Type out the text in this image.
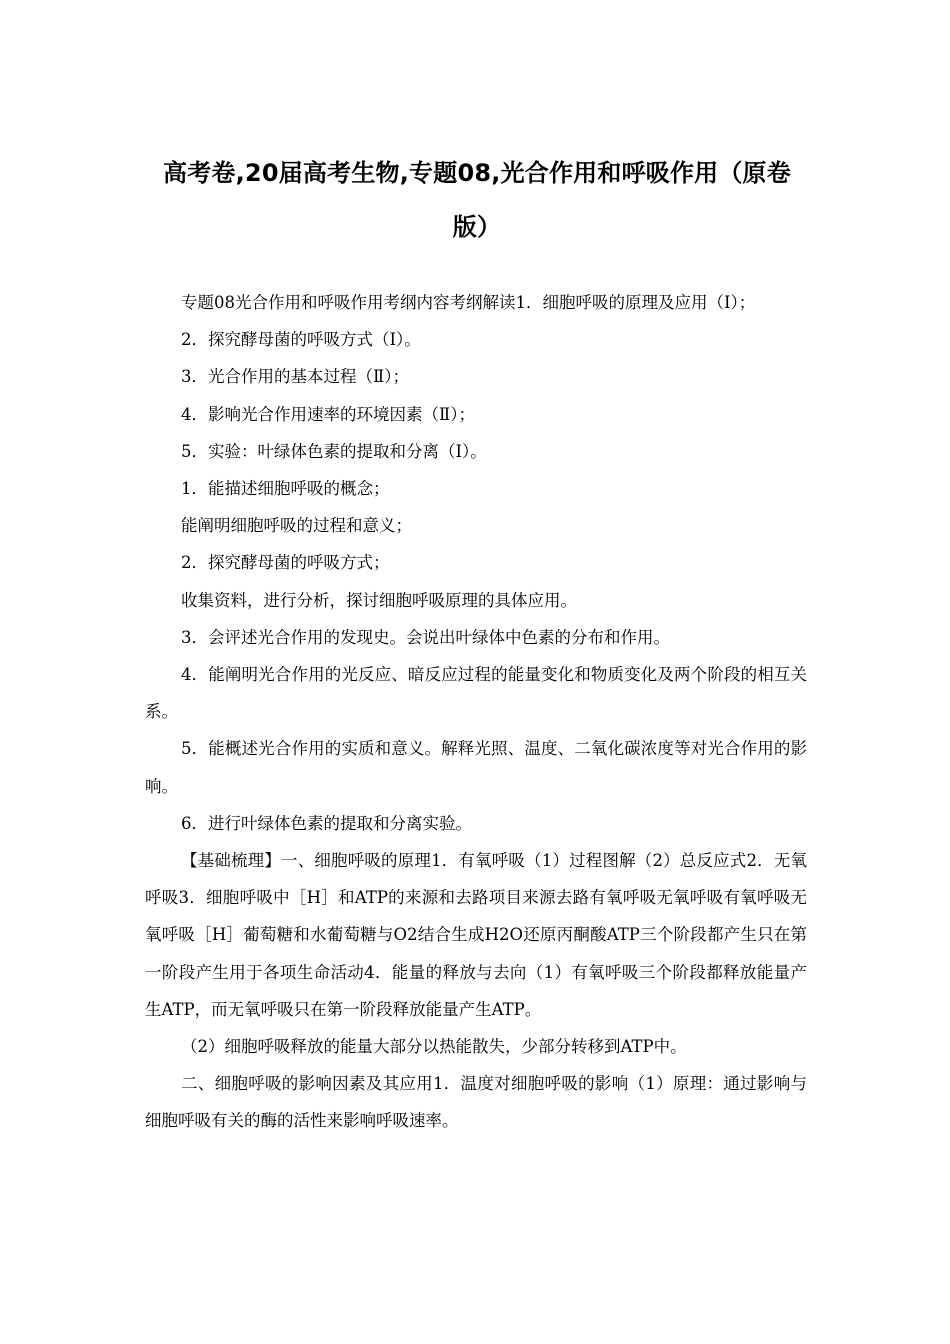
高考卷,20届高考生物,专题08,光合作用和呼吸作用（原卷版）

专题08光合作用和呼吸作用考纲内容考纲解读1．细胞呼吸的原理及应用（Ⅰ）；

2．探究酵母菌的呼吸方式（Ⅰ）。

3．光合作用的基本过程（Ⅱ）；

4．影响光合作用速率的环境因素（Ⅱ）；

5．实验：叶绿体色素的提取和分离（Ⅰ）。

1．能描述细胞呼吸的概念；

能阐明细胞呼吸的过程和意义；

2．探究酵母菌的呼吸方式；

收集资料，进行分析，探讨细胞呼吸原理的具体应用。

3．会评述光合作用的发现史。会说出叶绿体中色素的分布和作用。

4．能阐明光合作用的光反应、暗反应过程的能量变化和物质变化及两个阶段的相互关系。

5．能概述光合作用的实质和意义。解释光照、温度、二氧化碳浓度等对光合作用的影响。

6．进行叶绿体色素的提取和分离实验。

【基础梳理】一、细胞呼吸的原理1．有氧呼吸（1）过程图解（2）总反应式2．无氧呼吸3．细胞呼吸中［H］和ATP的来源和去路项目来源去路有氧呼吸无氧呼吸有氧呼吸无氧呼吸［H］葡萄糖和水葡萄糖与O2结合生成H2O还原丙酮酸ATP三个阶段都产生只在第一阶段产生用于各项生命活动4．能量的释放与去向（1）有氧呼吸三个阶段都释放能量产生ATP，而无氧呼吸只在第一阶段释放能量产生ATP。

（2）细胞呼吸释放的能量大部分以热能散失，少部分转移到ATP中。

二、细胞呼吸的影响因素及其应用1．温度对细胞呼吸的影响（1）原理：通过影响与细胞呼吸有关的酶的活性来影响呼吸速率。
